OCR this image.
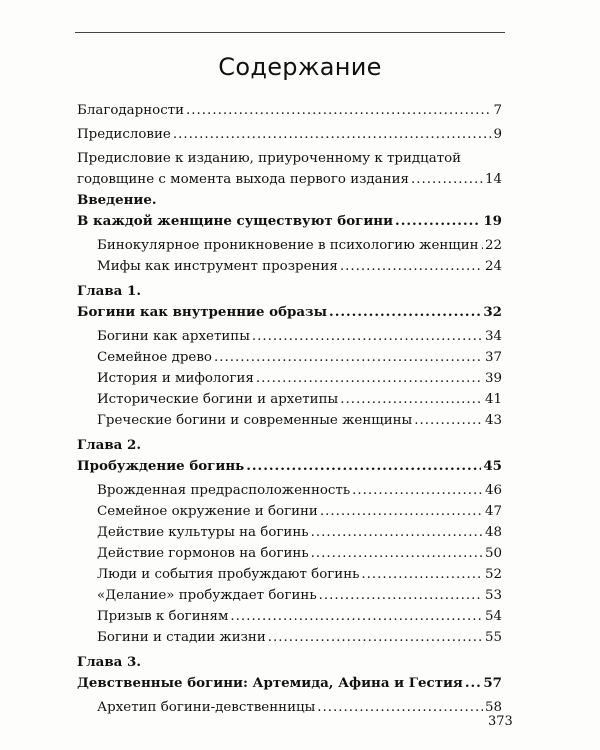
Содержание
Благодарности .....	7
Предисловие .....	9
Предисловие к изданию, приуроченному к тридцатой
годовщине с момента выхода первого издания .....	14
Введение.
В каждой женщине существуют богини .....	19
Бинокулярное проникновение в психологию женщин ..... 22
Мифы как инструмент прозрения .....	24
Глава 1.
Богини как внутренние образы .....	32
Богини как архетипы .....	34
Семейное древо .....	37
История и мифология .....	39
Исторические богини и архетипы .....	41
Греческие богини и современные женщины .....	43
Глава 2.
Пробуждение богинь .....	45
Врожденная предрасположенность .....	46
Семейное окружение и богини .....	47
Действие культуры на богинь .....	48
Действие гормонов на богинь .....	50
Люди и события пробуждают богинь .....	52
«Делание» пробуждает богинь .....	53
Призыв к богиням .....	54
Богини и стадии жизни .....	55
Глава 3.
Девственные богини: Артемида, Афина и Гестия ..... 57
Архетип богини-девственницы .....	58
373
